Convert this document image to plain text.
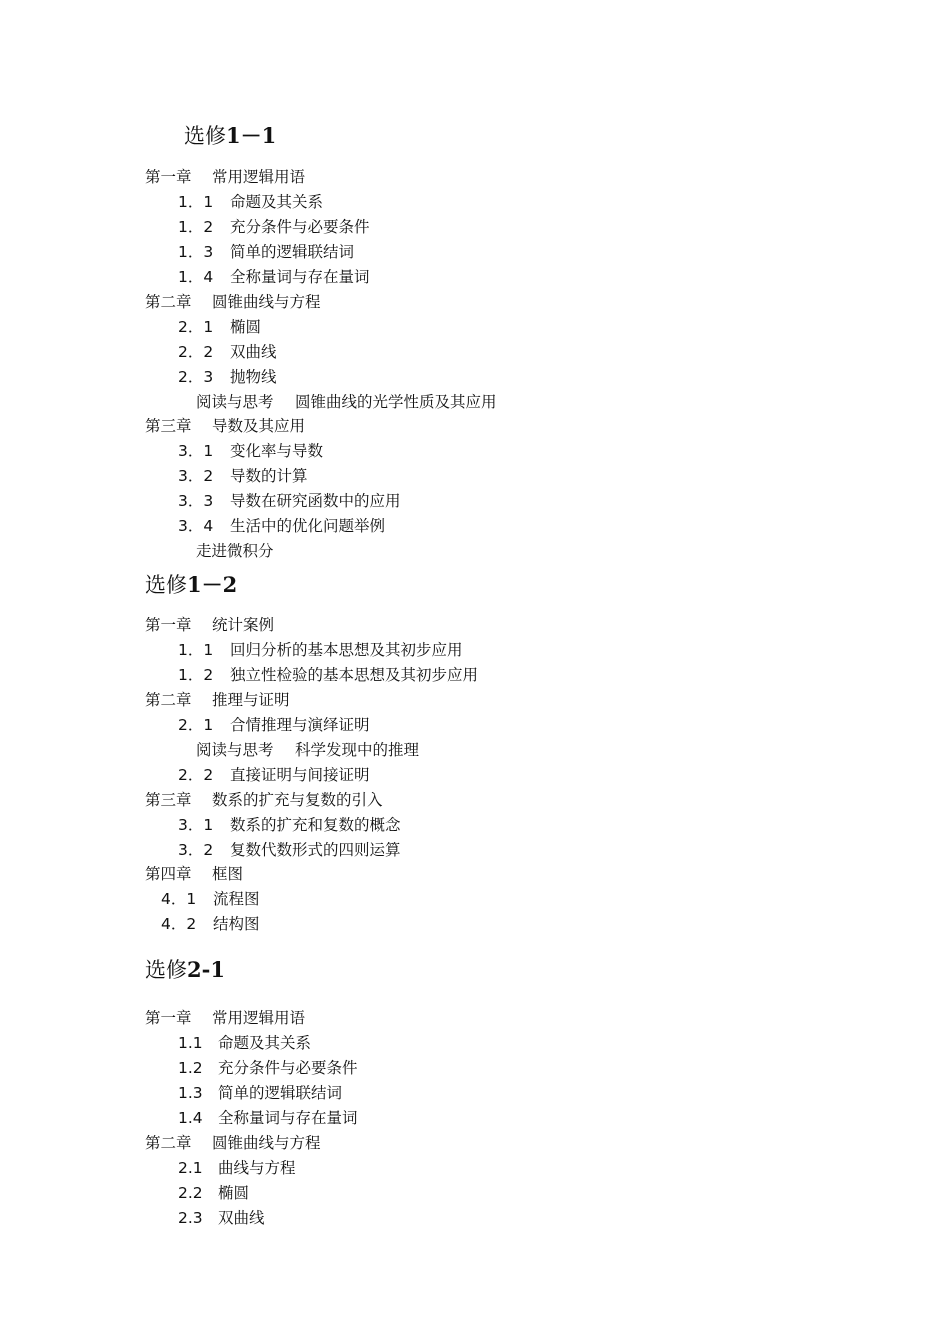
选修1－1
第一章 常用逻辑用语
1．1 命题及其关系
1．2 充分条件与必要条件
1．3 简单的逻辑联结词
1．4 全称量词与存在量词
第二章 圆锥曲线与方程
2．1 椭圆
2．2 双曲线
2．3 抛物线
阅读与思考 圆锥曲线的光学性质及其应用
第三章 导数及其应用
3．1 变化率与导数
3．2 导数的计算
3．3 导数在研究函数中的应用
3．4 生活中的优化问题举例
走进微积分
选修1－2
第一章 统计案例
1．1 回归分析的基本思想及其初步应用
1．2 独立性检验的基本思想及其初步应用
第二章 推理与证明
2．1 合情推理与演绎证明
阅读与思考 科学发现中的推理
2．2 直接证明与间接证明
第三章 数系的扩充与复数的引入
3．1 数系的扩充和复数的概念
3．2 复数代数形式的四则运算
第四章 框图
4．1 流程图
4．2 结构图
选修2-1
第一章 常用逻辑用语
1.1 命题及其关系
1.2 充分条件与必要条件
1.3 简单的逻辑联结词
1.4 全称量词与存在量词
第二章 圆锥曲线与方程
2.1 曲线与方程
2.2 椭圆
2.3 双曲线
